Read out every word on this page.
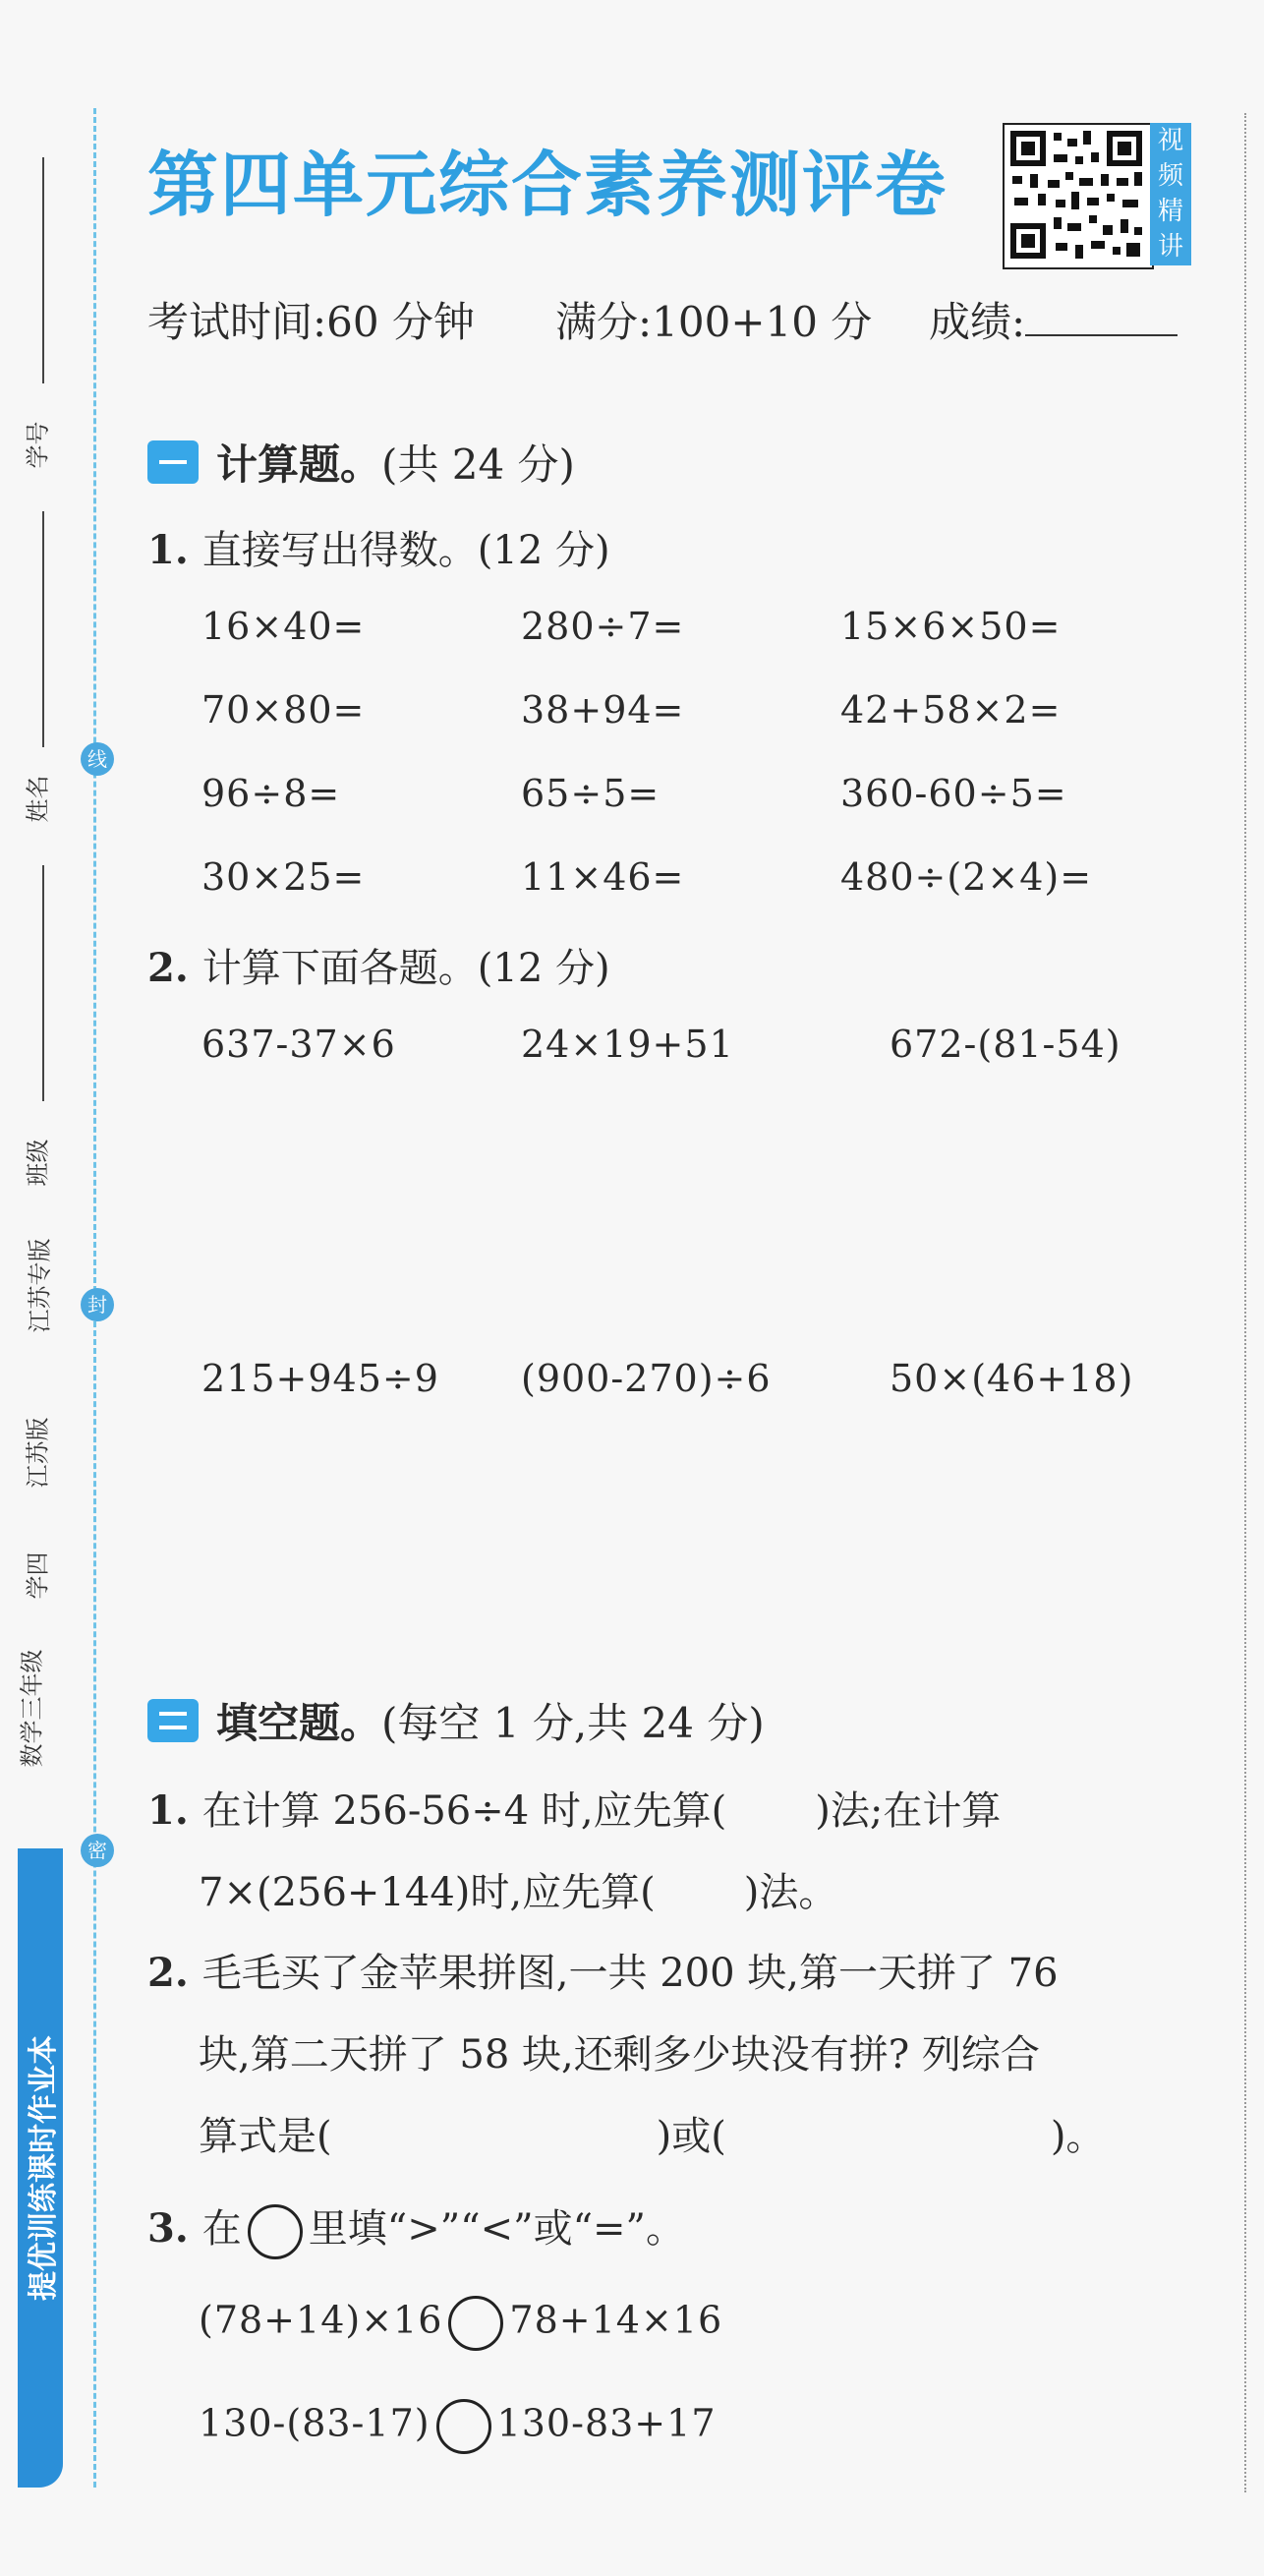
学号
姓名
班级
江苏专版
江苏版
学四
数学三年级
线
封
密
提优训练课时作业本
第四单元综合素养测评卷
视
频
精
讲
考试时间:60 分钟 满分:100+10 分 成绩:
计算题。(共 24 分)
1. 直接写出得数。(12 分)
16×40=	280÷7=	15×6×50=
70×80=	38+94=	42+58×2=
96÷8=	65÷5=	360-60÷5=
30×25=	11×46=	480÷(2×4)=
2. 计算下面各题。(12 分)
637-37×6	24×19+51	672-(81-54)
215+945÷9 (900-270)÷6	50×(46+18)
填空题。(每空 1 分,共 24 分)
1. 在计算 256-56÷4 时,应先算( )法;在计算
7×(256+144)时,应先算( )法。
2. 毛毛买了金苹果拼图,一共 200 块,第一天拼了 76
块,第二天拼了 58 块,还剩多少块没有拼? 列综合
算式是(	)或(	)。
3. 在 里填“>”“<”或“=”。
(78+14)×16 78+14×16
130-(83-17) 130-83+17
